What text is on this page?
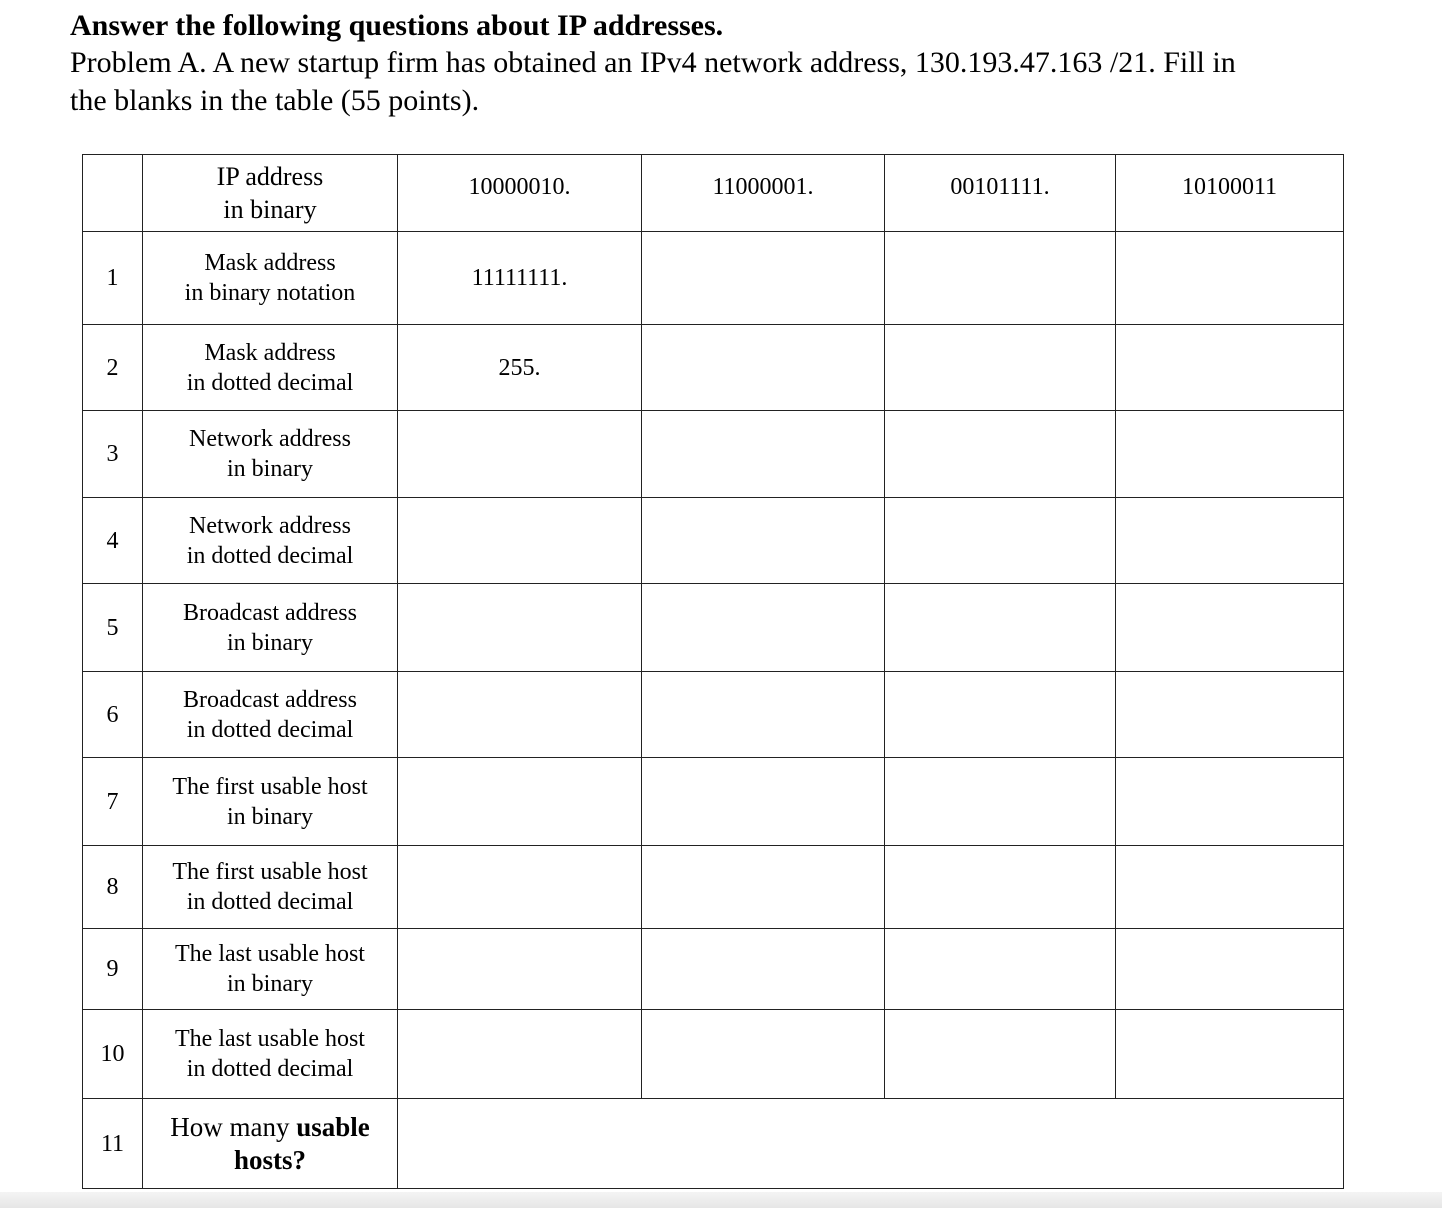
Answer the following questions about IP addresses.

Problem A. A new startup firm has obtained an IPv4 network address, 130.193.47.163 /21. Fill in
the blanks in the table (55 points).

	IP address
in binary	10000010.	11000001.	00101111.	10100011
1	Mask address
in binary notation	11111111.			
2	Mask address
in dotted decimal	255.			
3	Network address
in binary				
4	Network address
in dotted decimal				
5	Broadcast address
in binary				
6	Broadcast address
in dotted decimal				
7	The first usable host
in binary				
8	The first usable host
in dotted decimal				
9	The last usable host
in binary				
10	The last usable host
in dotted decimal				
11	How many usable
hosts?				
